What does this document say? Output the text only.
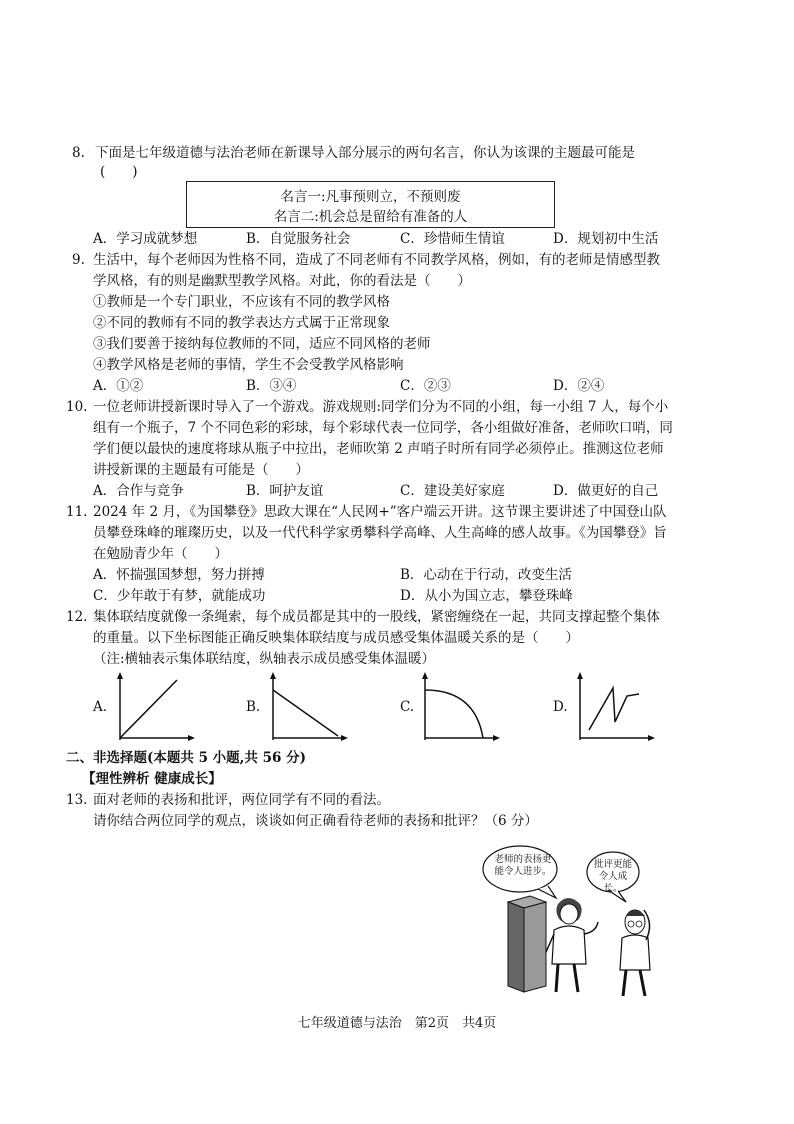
8. 下面是七年级道德与法治老师在新课导入部分展示的两句名言，你认为该课的主题最可能是
(　　)
名言一:凡事预则立，不预则废
名言二:机会总是留给有准备的人
A．学习成就梦想	B．自觉服务社会	C．珍惜师生情谊	D．规划初中生活
9. 生活中，每个老师因为性格不同，造成了不同老师有不同教学风格，例如，有的老师是情感型教
学风格，有的则是幽默型教学风格。对此，你的看法是（　　）
①教师是一个专门职业，不应该有不同的教学风格
②不同的教师有不同的教学表达方式属于正常现象
③我们要善于接纳每位教师的不同，适应不同风格的老师
④教学风格是老师的事情，学生不会受教学风格影响
A．①②	B．③④	C．②③	D．②④
10. 一位老师讲授新课时导入了一个游戏。游戏规则:同学们分为不同的小组，每一小组 7 人，每个小
组有一个瓶子，7 个不同色彩的彩球，每个彩球代表一位同学，各小组做好准备，老师吹口哨，同
学们便以最快的速度将球从瓶子中拉出，老师吹第 2 声哨子时所有同学必须停止。推测这位老师
讲授新课的主题最有可能是（　　）
A．合作与竞争	B．呵护友谊	C．建设美好家庭	D．做更好的自己
11. 2024 年 2 月，《为国攀登》思政大课在“人民网+”客户端云开讲。这节课主要讲述了中国登山队
员攀登珠峰的璀璨历史，以及一代代科学家勇攀科学高峰、人生高峰的感人故事。《为国攀登》旨
在勉励青少年（　　）
A．怀揣强国梦想，努力拼搏	B．心动在于行动，改变生活
C．少年敢于有梦，就能成功	D．从小为国立志，攀登珠峰
12. 集体联结度就像一条绳索，每个成员都是其中的一股线，紧密缠绕在一起，共同支撑起整个集体
的重量。以下坐标图能正确反映集体联结度与成员感受集体温暖关系的是（　　）
（注:横轴表示集体联结度，纵轴表示成员感受集体温暖）
A.	B.	C.	D.
二、非选择题(本题共 5 小题,共 56 分)
【理性辨析 健康成长】
13. 面对老师的表扬和批评，两位同学有不同的看法。
请你结合两位同学的观点，谈谈如何正确看待老师的表扬和批评？（6 分）
老师的表扬更能令人进步。
批评更能令人成长。
七年级道德与法治　第2页　共4页
